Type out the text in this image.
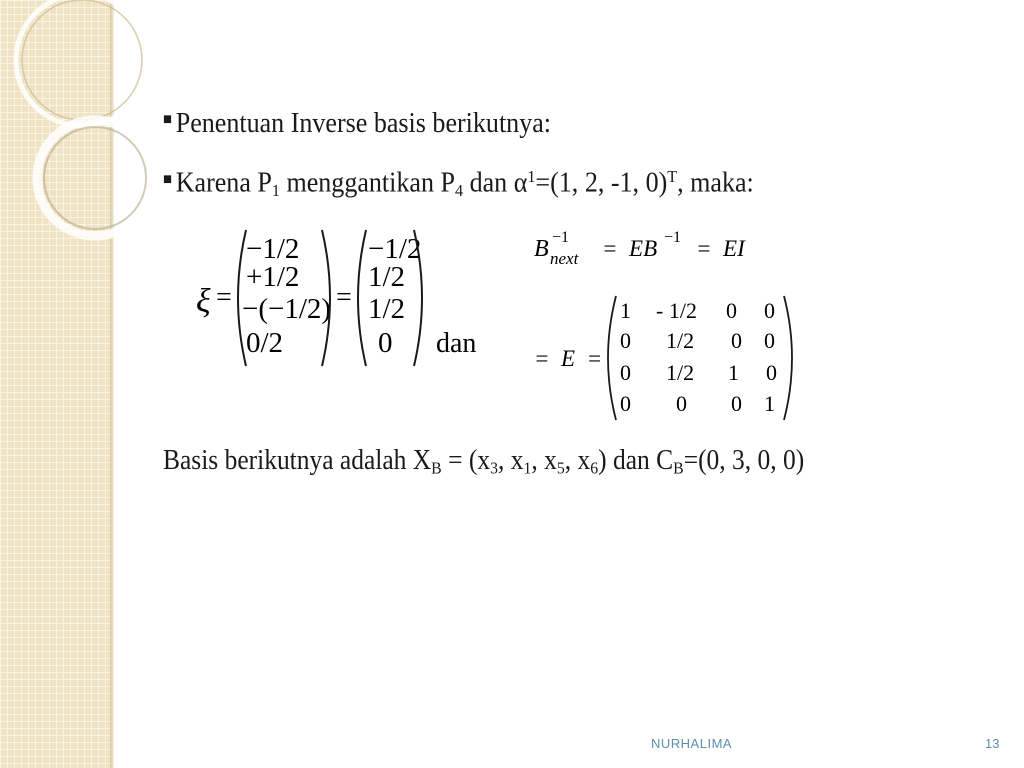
■ Penentuan Inverse basis berikutnya:
■ Karena $P_1$ menggantikan $P_4$ dan $\alpha^1=(1$, 2, -1, 0)$^T$, maka:
ξ =
−1/2
+1/2
−(−1/2)
0/2
=
−1/2
1/2
1/2
0 dan
B −1
next =  EB −1 =  EI
=  E  =
1 - 1/2 0 0
0 1/2 0 0
0 1/2 1 0
0 0 0 1
Basis berikutnya adalah $X_B = (x_3$, $x_1$, $x_5$, $x_6$) dan $C_B=(0$, 3, 0, 0)
NURHALIMA	13
